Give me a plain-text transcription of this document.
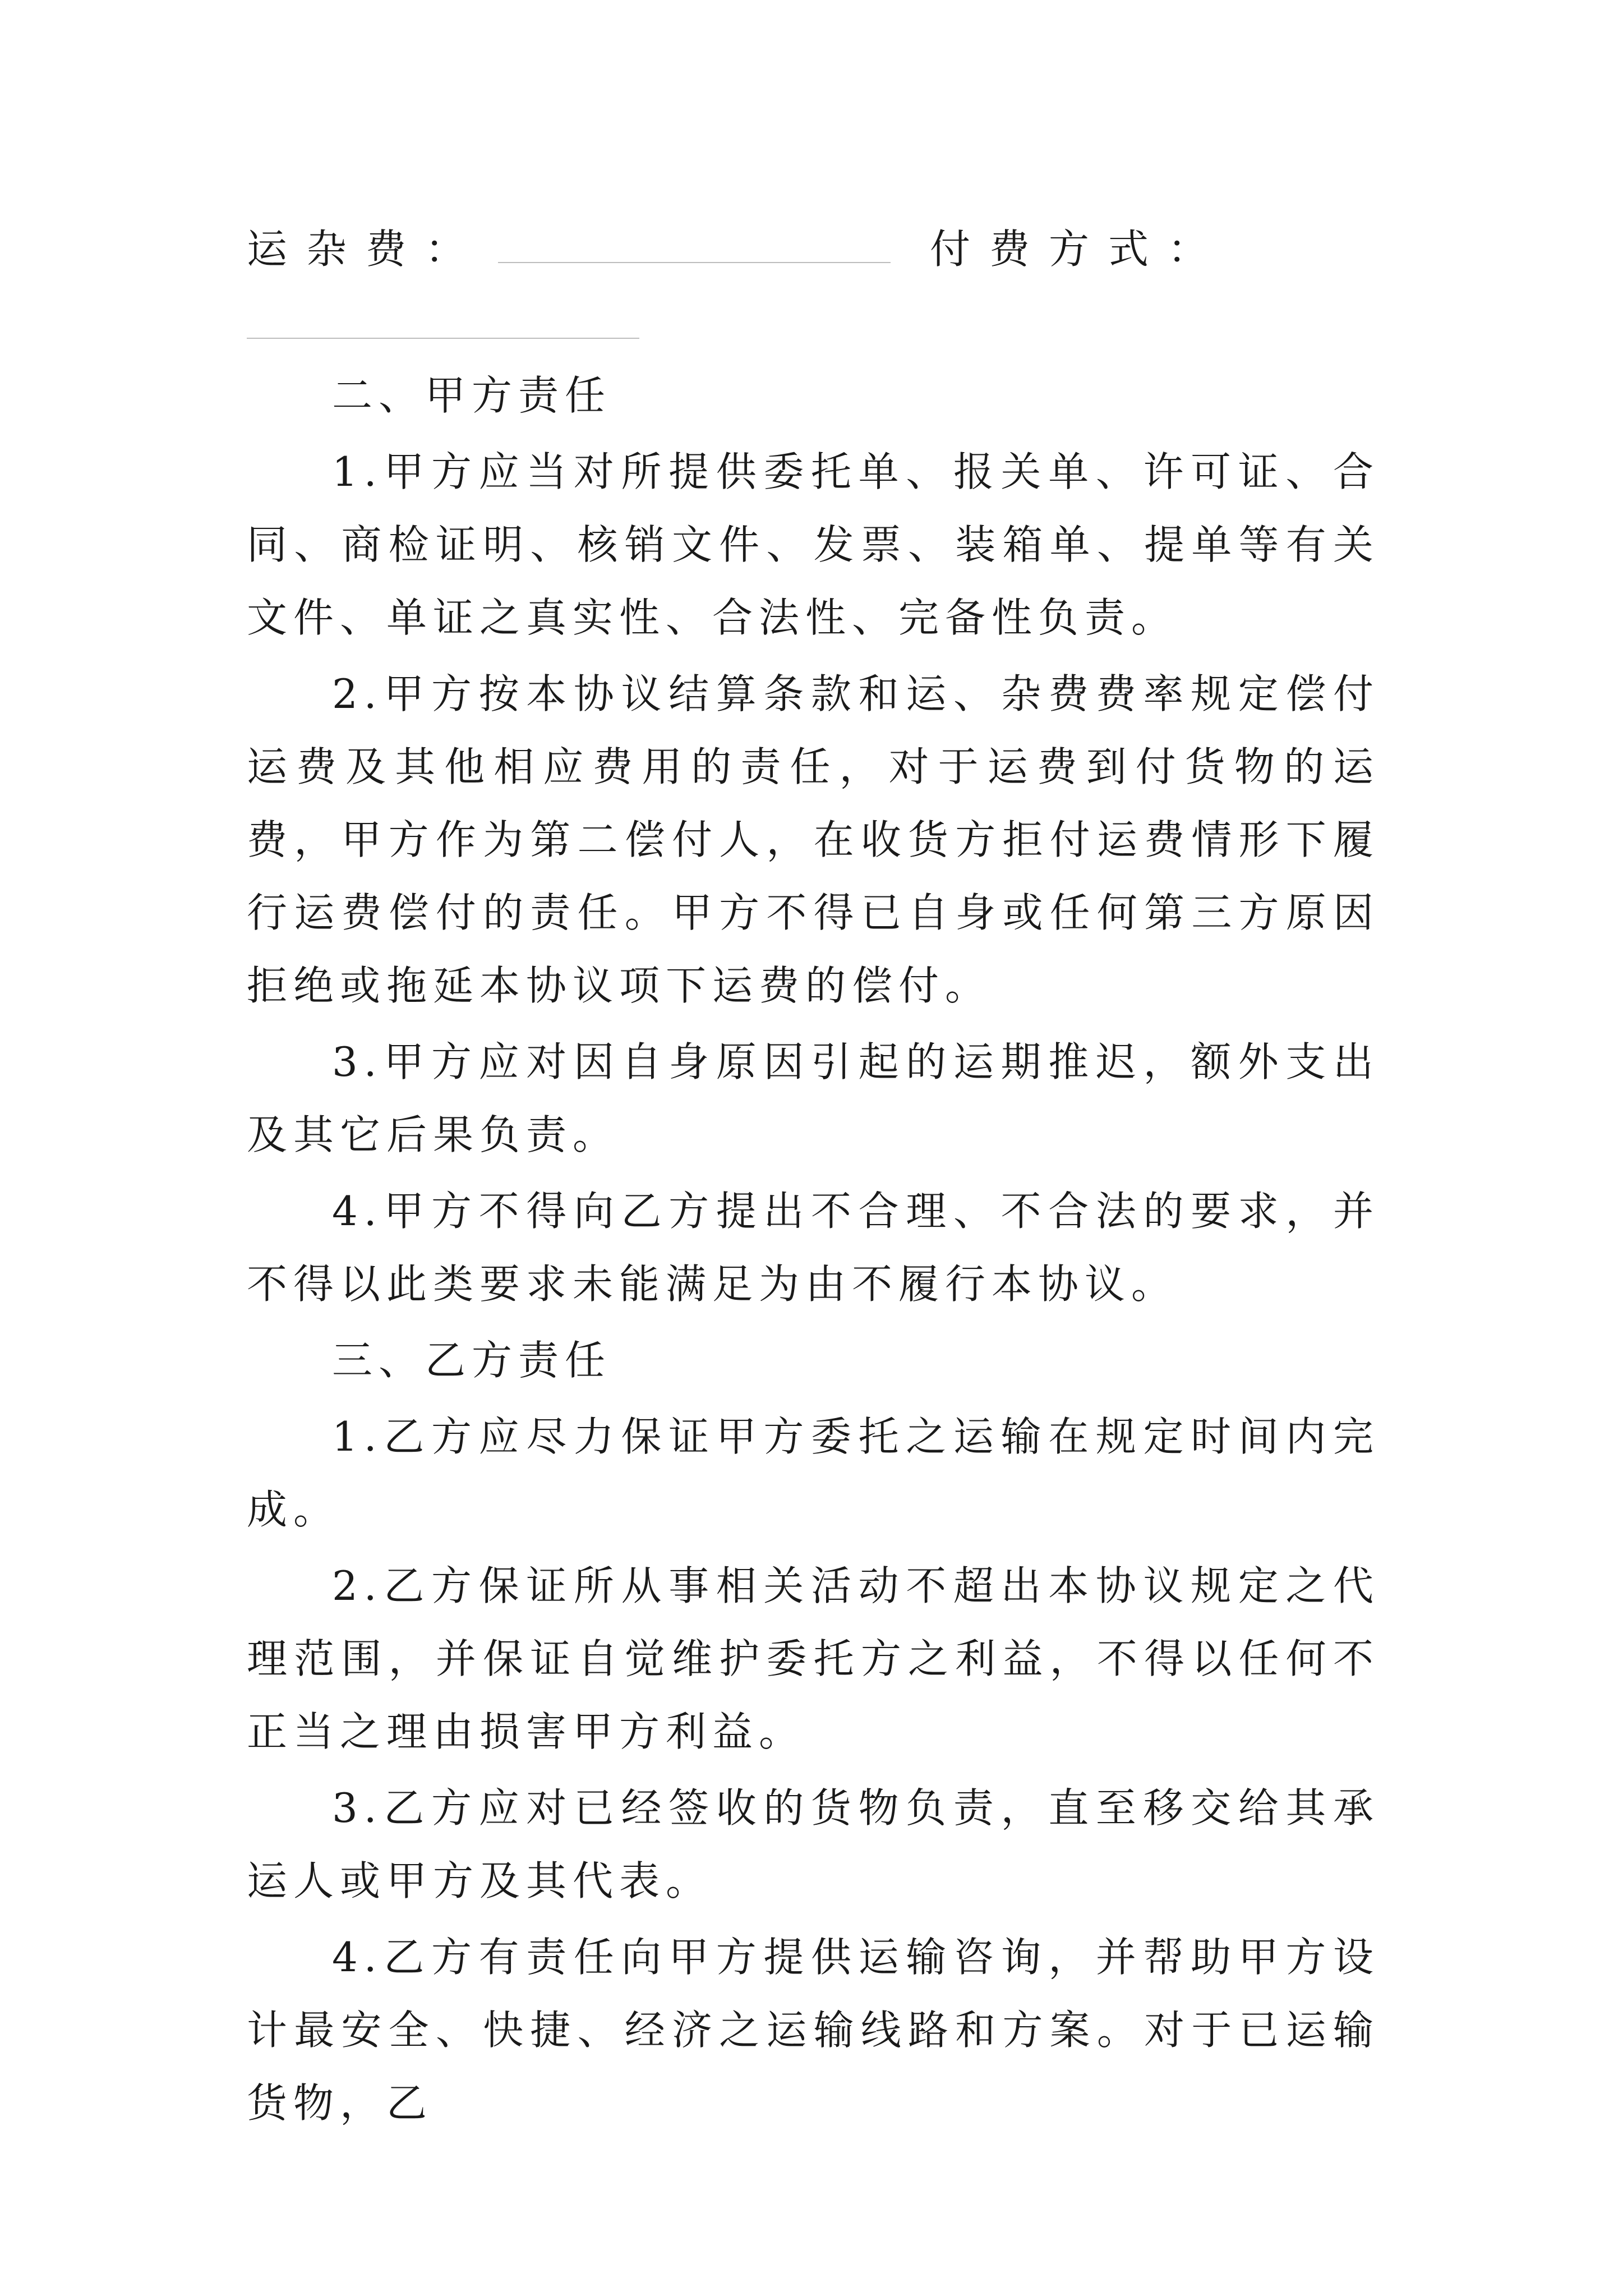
运杂费：	付费方式：

二、甲方责任

1.甲方应当对所提供委托单、报关单、许可证、合同、商检证明、核销文件、发票、装箱单、提单等有关文件、单证之真实性、合法性、完备性负责。

2.甲方按本协议结算条款和运、杂费费率规定偿付运费及其他相应费用的责任，对于运费到付货物的运费，甲方作为第二偿付人，在收货方拒付运费情形下履行运费偿付的责任。甲方不得已自身或任何第三方原因拒绝或拖延本协议项下运费的偿付。

3.甲方应对因自身原因引起的运期推迟，额外支出及其它后果负责。

4.甲方不得向乙方提出不合理、不合法的要求，并不得以此类要求未能满足为由不履行本协议。

三、乙方责任

1.乙方应尽力保证甲方委托之运输在规定时间内完成。

2.乙方保证所从事相关活动不超出本协议规定之代理范围，并保证自觉维护委托方之利益，不得以任何不正当之理由损害甲方利益。

3.乙方应对已经签收的货物负责，直至移交给其承运人或甲方及其代表。

4.乙方有责任向甲方提供运输咨询，并帮助甲方设计最安全、快捷、经济之运输线路和方案。对于已运输货物，乙
